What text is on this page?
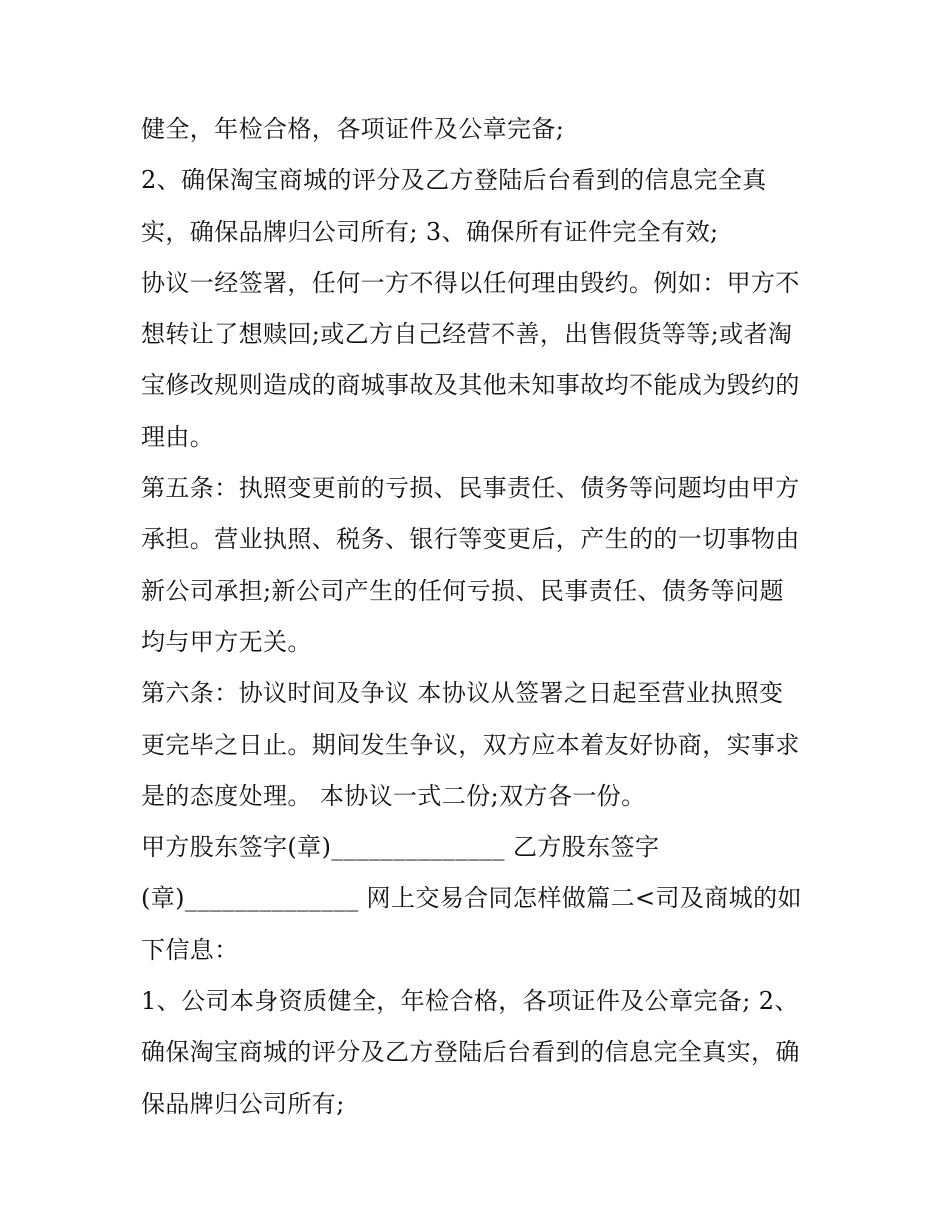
健全，年检合格，各项证件及公章完备;
2、确保淘宝商城的评分及乙方登陆后台看到的信息完全真
实，确保品牌归公司所有; 3、确保所有证件完全有效;
协议一经签署，任何一方不得以任何理由毁约。例如：甲方不
想转让了想赎回;或乙方自己经营不善，出售假货等等;或者淘
宝修改规则造成的商城事故及其他未知事故均不能成为毁约的
理由。
第五条：执照变更前的亏损、民事责任、债务等问题均由甲方
承担。营业执照、税务、银行等变更后，产生的的一切事物由
新公司承担;新公司产生的任何亏损、民事责任、债务等问题
均与甲方无关。
第六条：协议时间及争议 本协议从签署之日起至营业执照变
更完毕之日止。期间发生争议，双方应本着友好协商，实事求
是的态度处理。 本协议一式二份;双方各一份。
甲方股东签字(章)______________ 乙方股东签字
(章)______________ 网上交易合同怎样做篇二<司及商城的如
下信息：
1、公司本身资质健全，年检合格，各项证件及公章完备; 2、
确保淘宝商城的评分及乙方登陆后台看到的信息完全真实，确
保品牌归公司所有;
